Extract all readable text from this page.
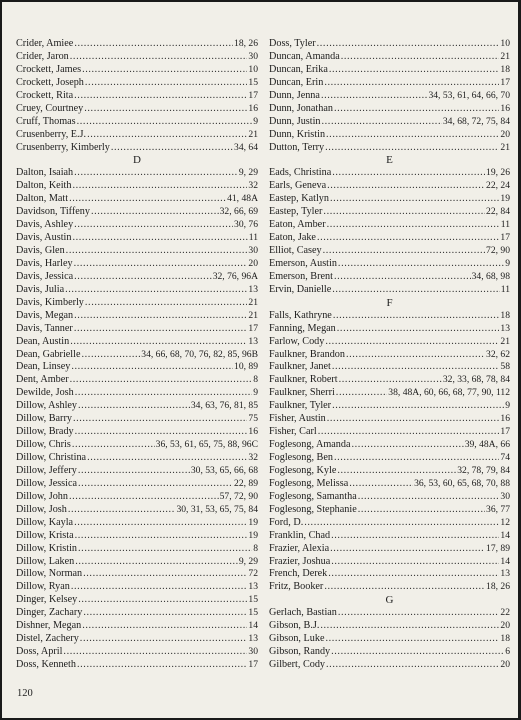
Crider, Amiee .....	18, 26
Crider, Jaron .....	30
Crockett, James .....	10
Crockett, Joseph .....	15
Crockett, Rita .....	17
Cruey, Courtney .....	16
Cruff, Thomas .....	9
Crusenberry, E.J. .....	21
Crusenberry, Kimberly .....	34, 64
D
Dalton, Isaiah .....	9, 29
Dalton, Keith .....	32
Dalton, Matt .....	41, 48A
Davidson, Tiffeny .....	32, 66, 69
Davis, Ashley .....	30, 76
Davis, Austin .....	11
Davis, Glen .....	30
Davis, Harley .....	20
Davis, Jessica .....	32, 76, 96A
Davis, Julia .....	13
Davis, Kimberly .....	21
Davis, Megan .....	21
Davis, Tanner .....	17
Dean, Austin .....	13
Dean, Gabrielle .....	34, 66, 68, 70, 76, 82, 85, 96B
Dean, Linsey .....	10, 89
Dent, Amber .....	8
Dewilde, Josh .....	9
Dillow, Ashley .....	34, 63, 76, 81, 85
Dillow, Barry .....	75
Dillow, Brady .....	16
Dillow, Chris .....	36, 53, 61, 65, 75, 88, 96C
Dillow, Christina .....	32
Dillow, Jeffery .....	30, 53, 65, 66, 68
Dillow, Jessica .....	22, 89
Dillow, John .....	57, 72, 90
Dillow, Josh .....	30, 31, 53, 65, 75, 84
Dillow, Kayla .....	19
Dillow, Krista .....	19
Dillow, Kristin .....	8
Dillow, Laken .....	9, 29
Dillow, Norman .....	72
Dillow, Ryan .....	13
Dinger, Kelsey .....	15
Dinger, Zachary .....	15
Dishner, Megan .....	14
Distel, Zachery .....	13
Doss, April .....	30
Doss, Kenneth .....	17
Doss, Tyler .....	10
Duncan, Amanda .....	21
Duncan, Erika .....	18
Duncan, Erin .....	17
Dunn, Jenna .....	34, 53, 61, 64, 66, 70
Dunn, Jonathan .....	16
Dunn, Justin .....	34, 68, 72, 75, 84
Dunn, Kristin .....	20
Dutton, Terry .....	21
E
Eads, Christina .....	19, 26
Earls, Geneva .....	22, 24
Eastep, Katlyn .....	19
Eastep, Tyler .....	22, 84
Eaton, Amber .....	11
Eaton, Jake .....	17
Elliot, Casey .....	72, 90
Emerson, Austin .....	9
Emerson, Brent .....	34, 68, 98
Ervin, Danielle .....	11
F
Falls, Kathryne .....	18
Fanning, Megan .....	13
Farlow, Cody .....	21
Faulkner, Brandon .....	32, 62
Faulkner, Janet .....	58
Faulkner, Robert .....	32, 33, 68, 78, 84
Faulkner, Sherri .....	38, 48A, 60, 66, 68, 77, 90, 112
Faulkner, Tyler .....	9
Fisher, Austin .....	16
Fisher, Carl .....	17
Foglesong, Amanda .....	39, 48A, 66
Foglesong, Ben .....	74
Foglesong, Kyle .....	32, 78, 79, 84
Foglesong, Melissa .....	36, 53, 60, 65, 68, 70, 88
Foglesong, Samantha .....	30
Foglesong, Stephanie .....	36, 77
Ford, D. .....	12
Franklin, Chad .....	14
Frazier, Alexia .....	17, 89
Frazier, Joshua .....	14
French, Derek .....	13
Fritz, Booker .....	18, 26
G
Gerlach, Bastian .....	22
Gibson, B.J. .....	20
Gibson, Luke .....	18
Gibson, Randy .....	6
Gilbert, Cody .....	20
120
